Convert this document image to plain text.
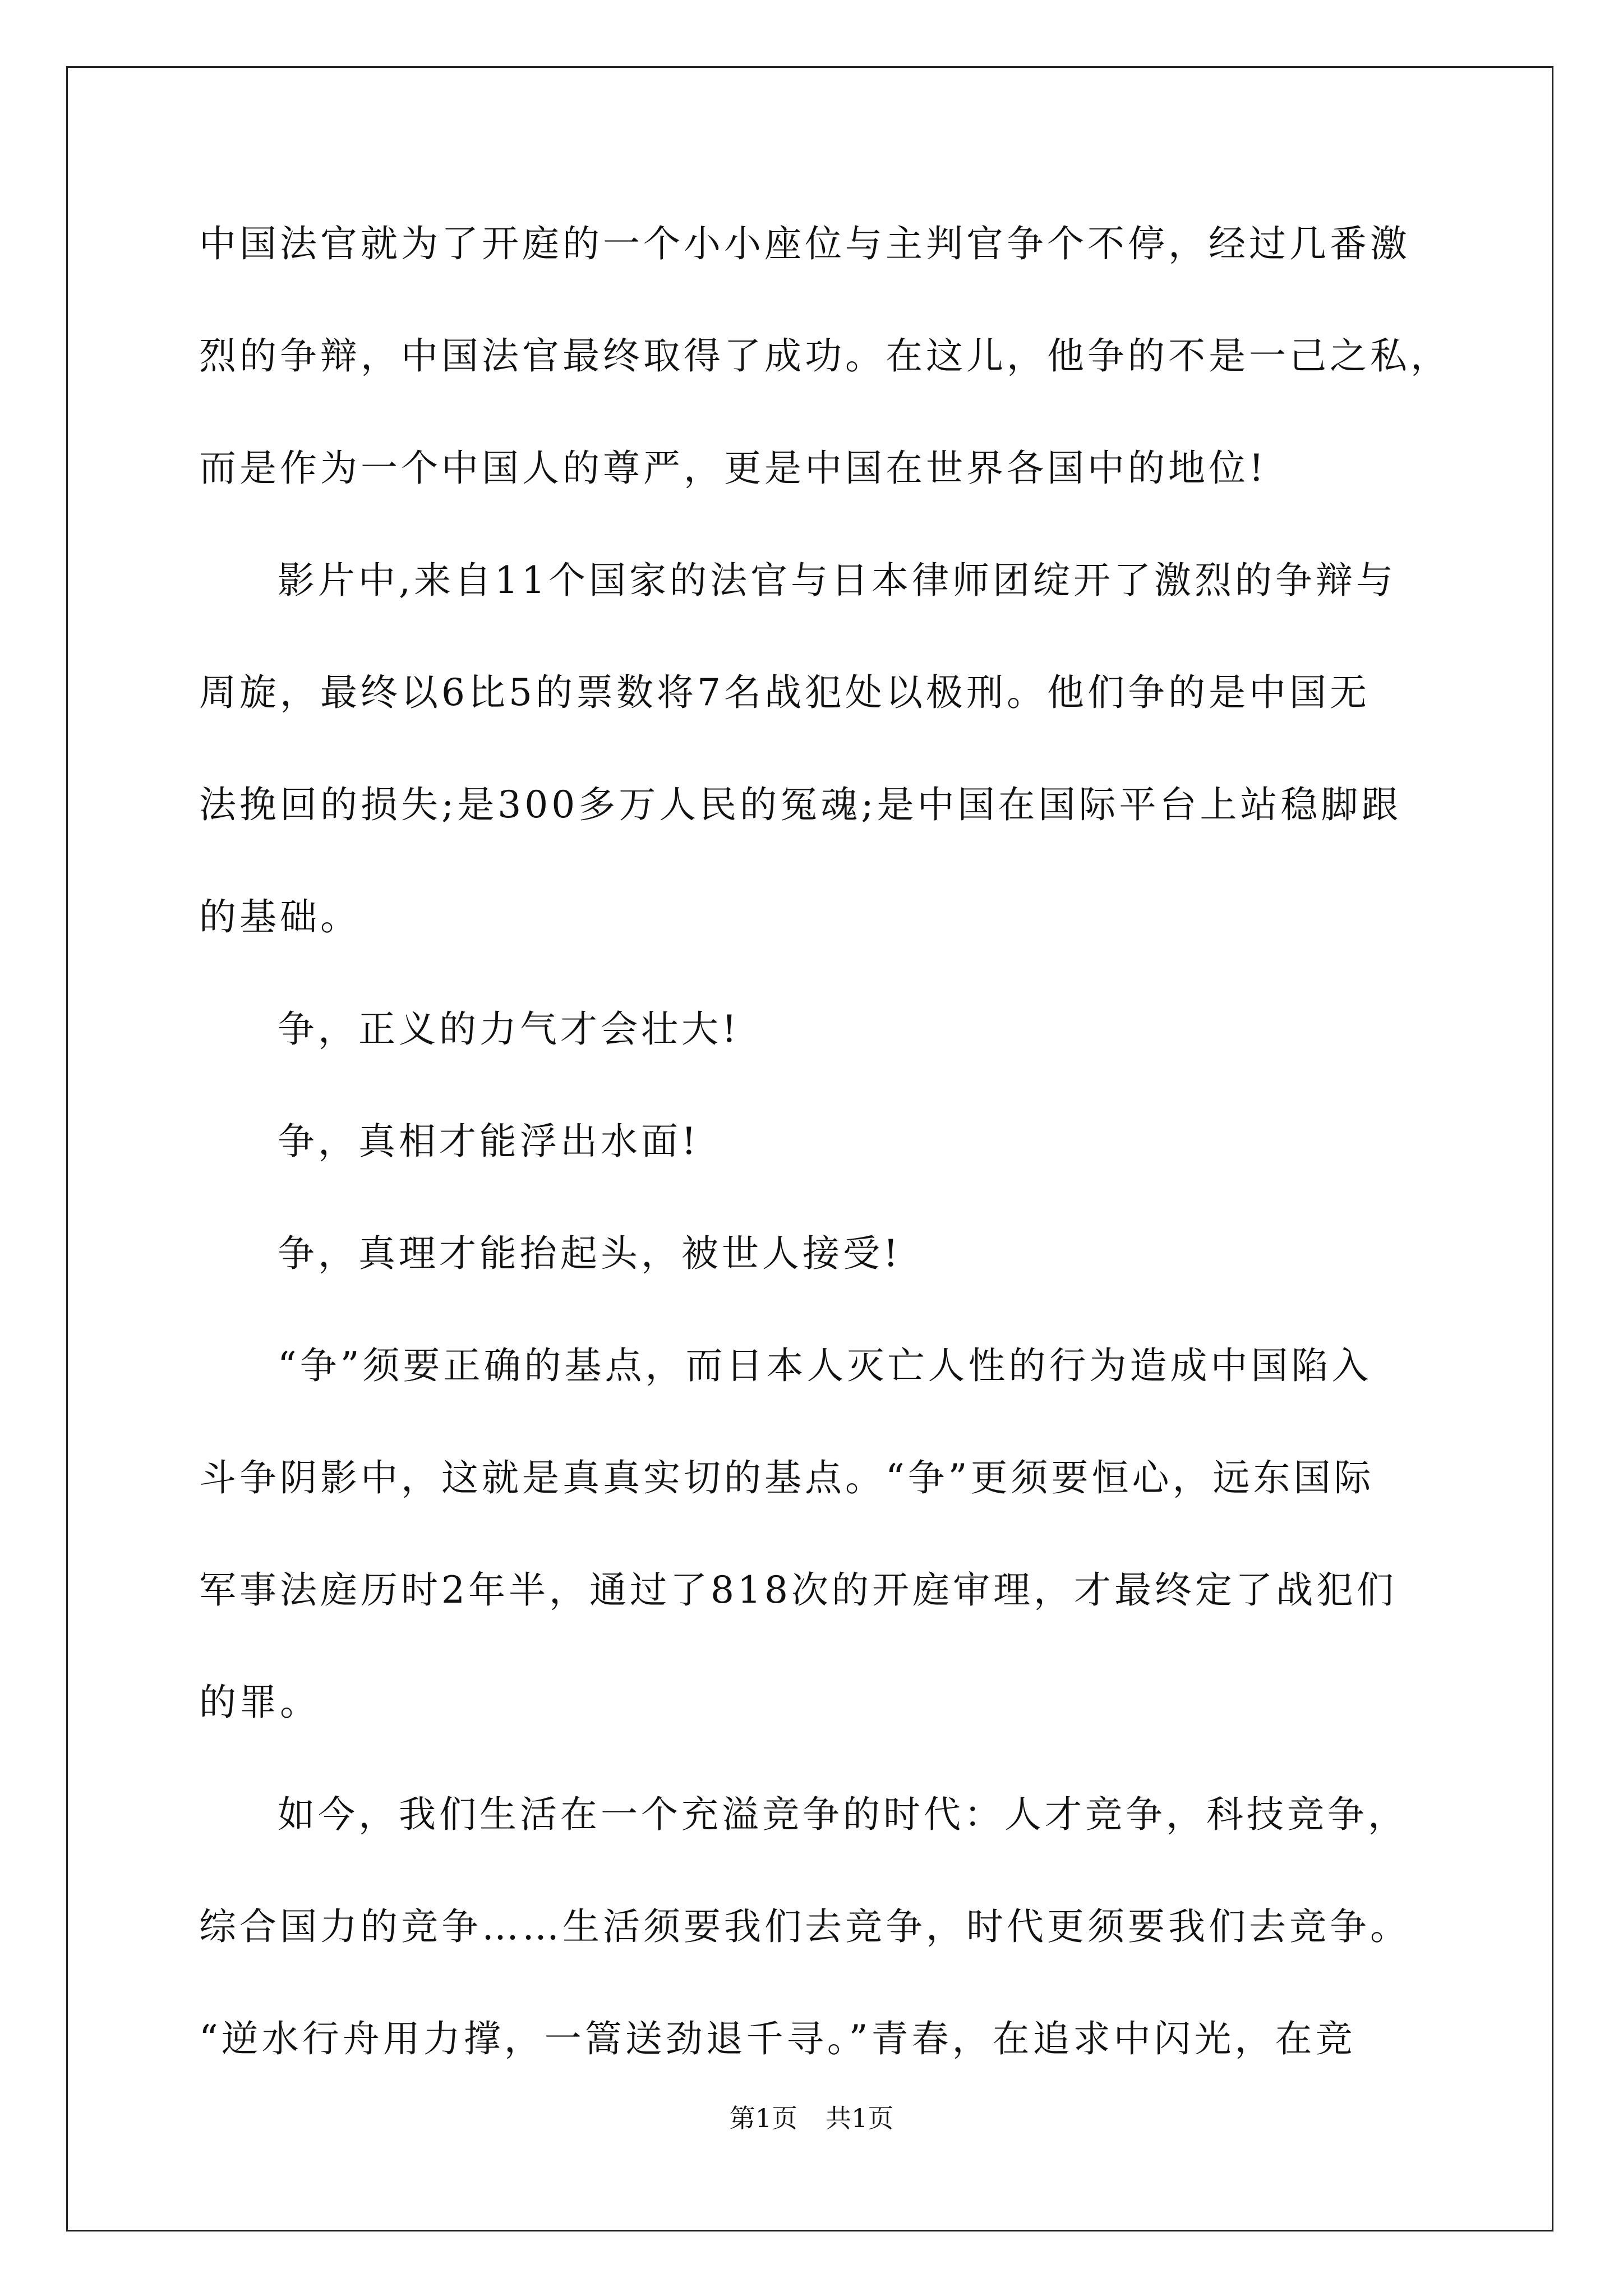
中国法官就为了开庭的一个小小座位与主判官争个不停，经过几番激
烈的争辩，中国法官最终取得了成功。在这儿，他争的不是一己之私，
而是作为一个中国人的尊严，更是中国在世界各国中的地位!
影片中,来自11个国家的法官与日本律师团绽开了激烈的争辩与
周旋，最终以6比5的票数将7名战犯处以极刑。他们争的是中国无
法挽回的损失;是300多万人民的冤魂;是中国在国际平台上站稳脚跟
的基础。
争，正义的力气才会壮大!
争，真相才能浮出水面!
争，真理才能抬起头，被世人接受!
“争”须要正确的基点，而日本人灭亡人性的行为造成中国陷入
斗争阴影中，这就是真真实切的基点。“争”更须要恒心，远东国际
军事法庭历时2年半，通过了818次的开庭审理，才最终定了战犯们
的罪。
如今，我们生活在一个充溢竞争的时代：人才竞争，科技竞争，
综合国力的竞争……生活须要我们去竞争，时代更须要我们去竞争。
“逆水行舟用力撑，一篙送劲退千寻。”青春，在追求中闪光，在竞
第1页 共1页
